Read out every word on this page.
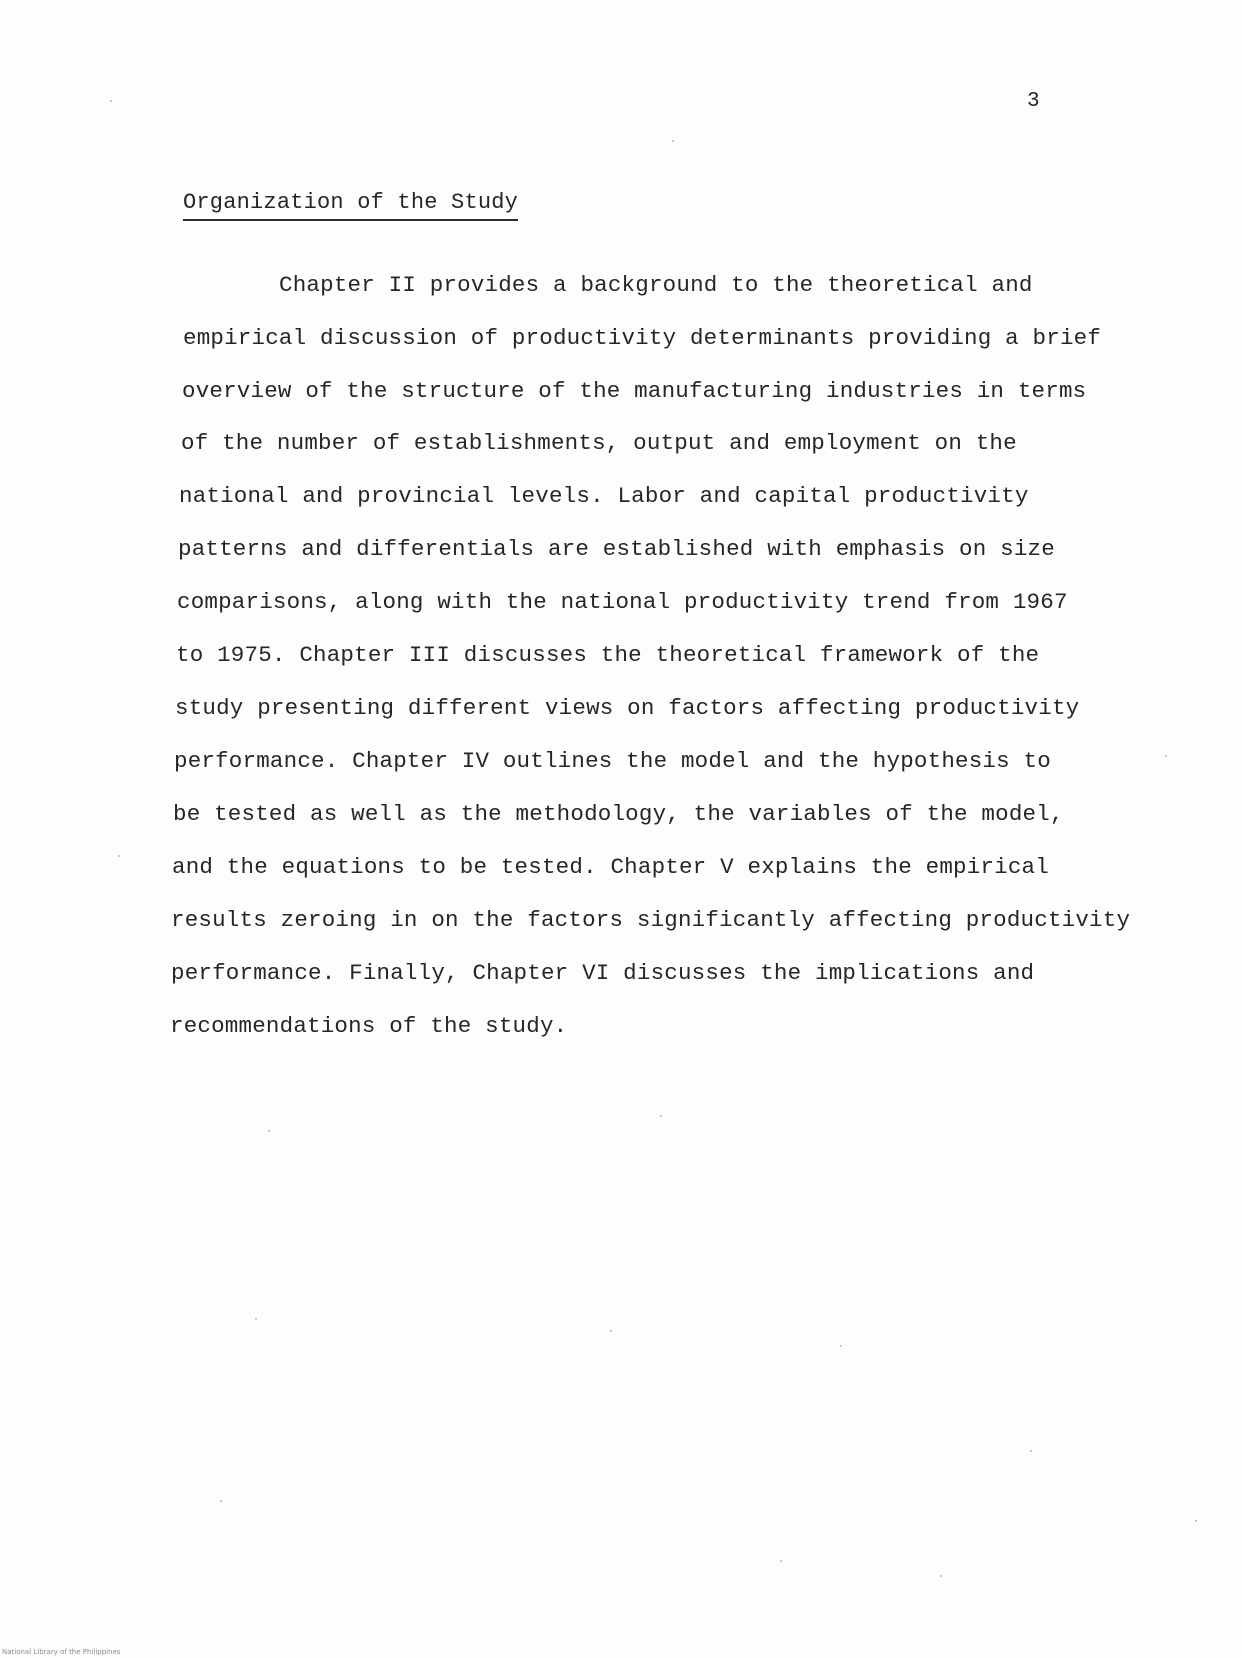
3
Organization of the Study
Chapter II provides a background to the theoretical and
empirical discussion of productivity determinants providing a brief
overview of the structure of the manufacturing industries in terms
of the number of establishments, output and employment on the
national and provincial levels. Labor and capital productivity
patterns and differentials are established with emphasis on size
comparisons, along with the national productivity trend from 1967
to 1975. Chapter III discusses the theoretical framework of the
study presenting different views on factors affecting productivity
performance. Chapter IV outlines the model and the hypothesis to
be tested as well as the methodology, the variables of the model,
and the equations to be tested. Chapter V explains the empirical
results zeroing in on the factors significantly affecting productivity
performance. Finally, Chapter VI discusses the implications and
recommendations of the study.
National Library of the Philippines
